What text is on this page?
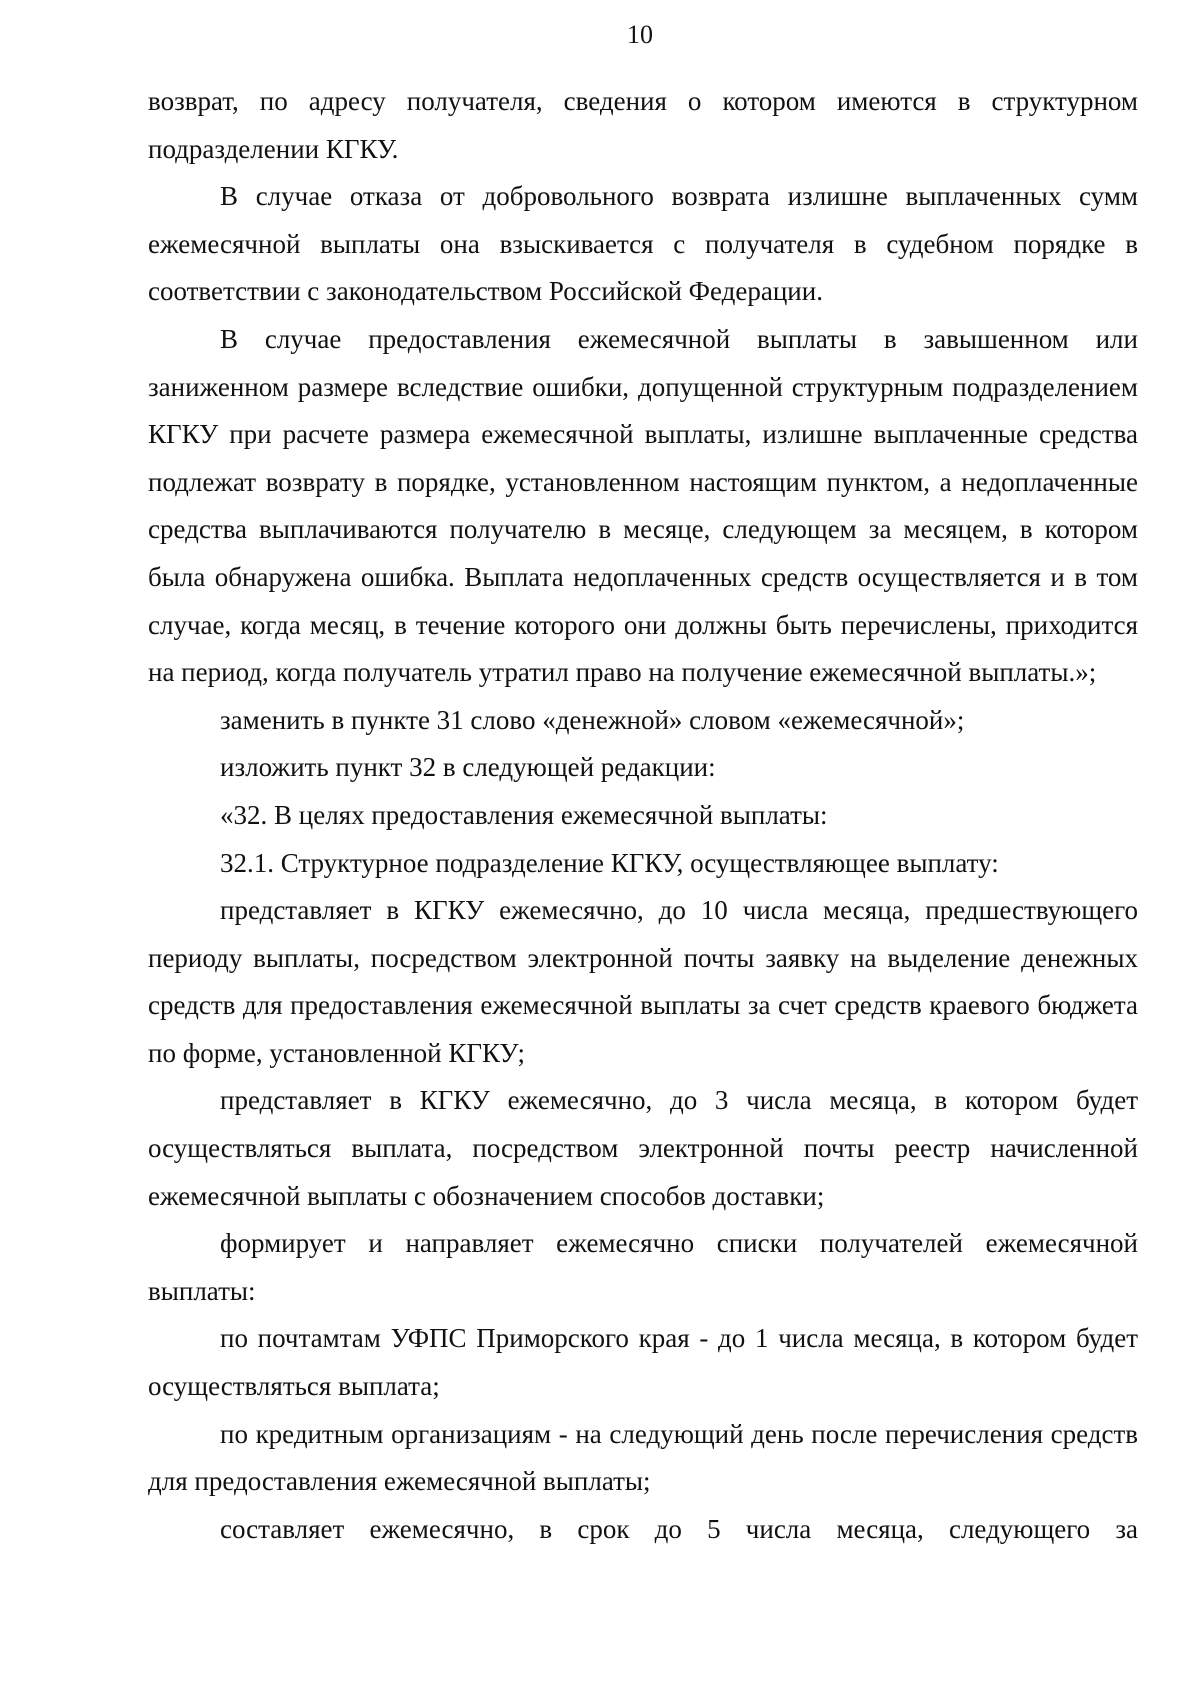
10

возврат, по адресу получателя, сведения о котором имеются в структурном подразделении КГКУ.

В случае отказа от добровольного возврата излишне выплаченных сумм ежемесячной выплаты она взыскивается с получателя в судебном порядке в соответствии с законодательством Российской Федерации.

В случае предоставления ежемесячной выплаты в завышенном или заниженном размере вследствие ошибки, допущенной структурным подразделением КГКУ при расчете размера ежемесячной выплаты, излишне выплаченные средства подлежат возврату в порядке, установленном настоящим пунктом, а недоплаченные средства выплачиваются получателю в месяце, следующем за месяцем, в котором была обнаружена ошибка. Выплата недоплаченных средств осуществляется и в том случае, когда месяц, в течение которого они должны быть перечислены, приходится на период, когда получатель утратил право на получение ежемесячной выплаты.»;

заменить в пункте 31 слово «денежной» словом «ежемесячной»;

изложить пункт 32 в следующей редакции:

«32. В целях предоставления ежемесячной выплаты:

32.1. Структурное подразделение КГКУ, осуществляющее выплату:

представляет в КГКУ ежемесячно, до 10 числа месяца, предшествующего периоду выплаты, посредством электронной почты заявку на выделение денежных средств для предоставления ежемесячной выплаты за счет средств краевого бюджета по форме, установленной КГКУ;

представляет в КГКУ ежемесячно, до 3 числа месяца, в котором будет осуществляться выплата, посредством электронной почты реестр начисленной ежемесячной выплаты с обозначением способов доставки;

формирует и направляет ежемесячно списки получателей ежемесячной выплаты:

по почтамтам УФПС Приморского края - до 1 числа месяца, в котором будет осуществляться выплата;

по кредитным организациям - на следующий день после перечисления средств для предоставления ежемесячной выплаты;

составляет ежемесячно, в срок до 5 числа месяца, следующего за
